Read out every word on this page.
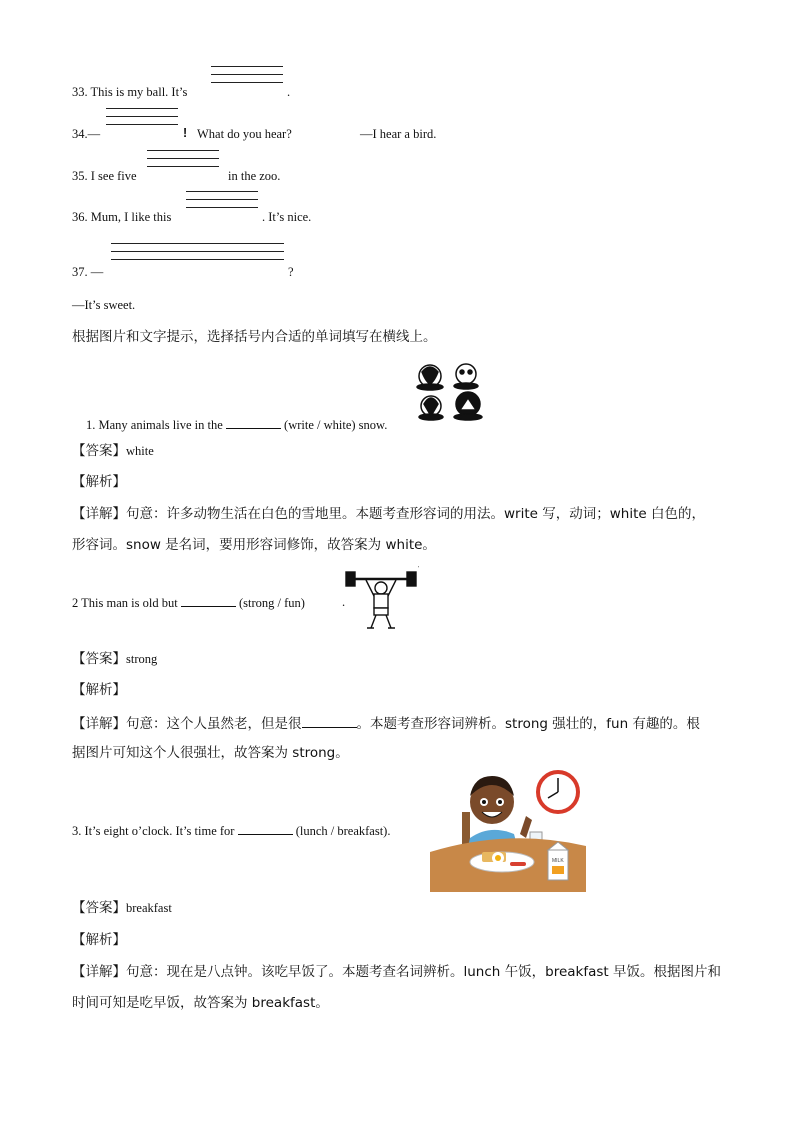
33. This is my ball. It’s	.
34.—	! What do you hear?	—I hear a bird.
35. I see five	in the zoo.
36. Mum, I like this	. It’s nice.
37. —	?
—It’s sweet.
根据图片和文字提示，选择括号内合适的单词填写在横线上。
1. Many animals live in the	(write / white) snow.
【答案】white
【解析】
【详解】句意：许多动物生活在白色的雪地里。本题考查形容词的用法。write 写，动词；white 白色的，
形容词。snow 是名词，要用形容词修饰，故答案为 white。
'
2 This man is old but	(strong / fun)	.
【答案】strong
【解析】
【详解】句意：这个人虽然老，但是很	。本题考查形容词辨析。strong 强壮的，fun 有趣的。根
据图片可知这个人很强壮，故答案为 strong。
MILK
3. It’s eight o’clock. It’s time for	(lunch / breakfast).
【答案】breakfast
【解析】
【详解】句意：现在是八点钟。该吃早饭了。本题考查名词辨析。lunch 午饭，breakfast 早饭。根据图片和
时间可知是吃早饭，故答案为 breakfast。
